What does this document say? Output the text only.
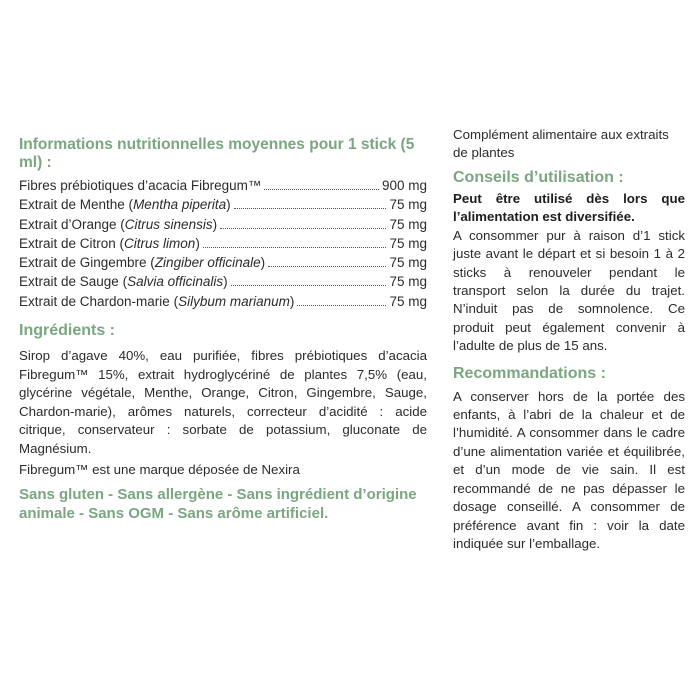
Informations nutritionnelles moyennes pour 1 stick (5 ml) :
Fibres prébiotiques d’acacia Fibregum™	900 mg
Extrait de Menthe (Mentha piperita)	75 mg
Extrait d’Orange (Citrus sinensis)	75 mg
Extrait de Citron (Citrus limon)	75 mg
Extrait de Gingembre (Zingiber officinale)	75 mg
Extrait de Sauge (Salvia officinalis)	75 mg
Extrait de Chardon-marie (Silybum marianum)	75 mg
Ingrédients :

Sirop d’agave 40%, eau purifiée, fibres prébiotiques d’acacia Fibregum™ 15%, extrait hydroglycériné de plantes 7,5% (eau, glycérine végétale, Menthe, Orange, Citron, Gingembre, Sauge, Chardon-marie), arômes naturels, correcteur d’acidité : acide citrique, conservateur : sorbate de potassium, gluconate de Magnésium.

Fibregum™ est une marque déposée de Nexira

Sans gluten - Sans allergène - Sans ingrédient d’origine animale - Sans OGM - Sans arôme artificiel.

Complément alimentaire aux extraits de plantes

Conseils d’utilisation :

Peut être utilisé dès lors que l’alimentation est diversifiée.

A consommer pur à raison d’1 stick juste avant le départ et si besoin 1 à 2 sticks à renouveler pendant le transport selon la durée du trajet. N’induit pas de somnolence. Ce produit peut également convenir à l’adulte de plus de 15 ans.

Recommandations :

A conserver hors de la portée des enfants, à l’abri de la chaleur et de l’humidité. A consommer dans le cadre d’une alimentation variée et équilibrée, et d’un mode de vie sain. Il est recommandé de ne pas dépasser le dosage conseillé. A consommer de préférence avant fin : voir la date indiquée sur l’emballage.
